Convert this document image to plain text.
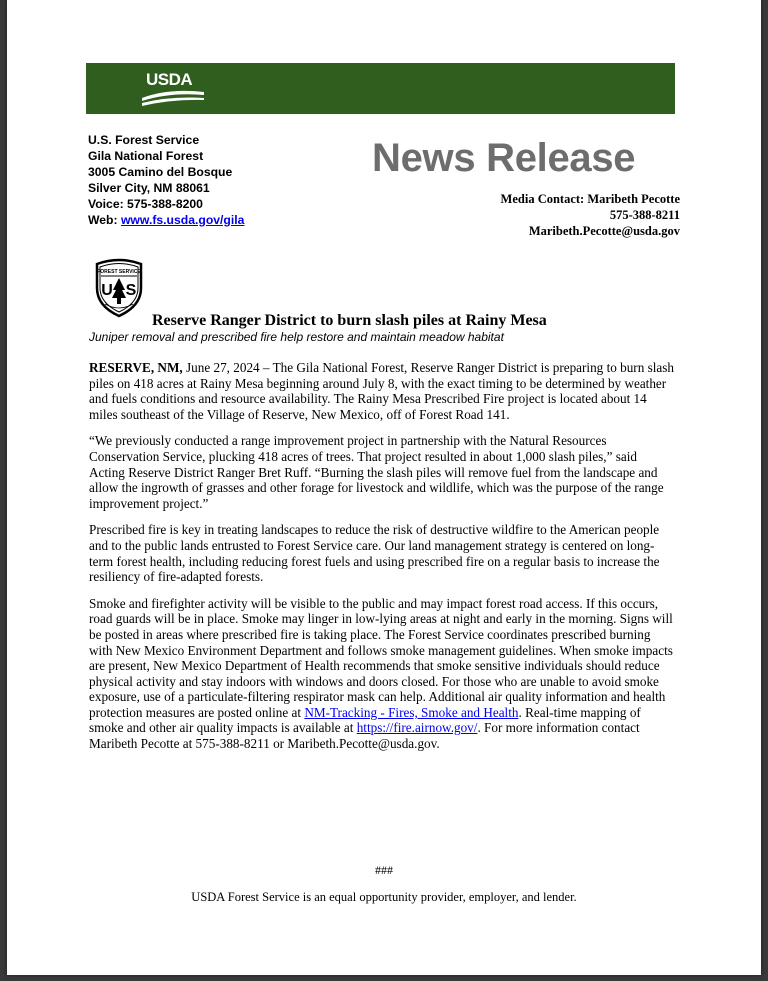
USDA
U.S. Forest Service
Gila National Forest
3005 Camino del Bosque
Silver City, NM 88061
Voice: 575-388-8200
Web: www.fs.usda.gov/gila
News Release
Media Contact: Maribeth Pecotte
575-388-8211
Maribeth.Pecotte@usda.gov
FOREST SERVICE
U S
Reserve Ranger District to burn slash piles at Rainy Mesa
Juniper removal and prescribed fire help restore and maintain meadow habitat

RESERVE, NM, June 27, 2024 – The Gila National Forest, Reserve Ranger District is preparing to burn slash piles on 418 acres at Rainy Mesa beginning around July 8, with the exact timing to be determined by weather and fuels conditions and resource availability. The Rainy Mesa Prescribed Fire project is located about 14 miles southeast of the Village of Reserve, New Mexico, off of Forest Road 141.

“We previously conducted a range improvement project in partnership with the Natural Resources Conservation Service, plucking 418 acres of trees. That project resulted in about 1,000 slash piles,” said Acting Reserve District Ranger Bret Ruff. “Burning the slash piles will remove fuel from the landscape and allow the ingrowth of grasses and other forage for livestock and wildlife, which was the purpose of the range improvement project.”

Prescribed fire is key in treating landscapes to reduce the risk of destructive wildfire to the American people and to the public lands entrusted to Forest Service care. Our land management strategy is centered on long-term forest health, including reducing forest fuels and using prescribed fire on a regular basis to increase the resiliency of fire-adapted forests.

Smoke and firefighter activity will be visible to the public and may impact forest road access. If this occurs, road guards will be in place. Smoke may linger in low-lying areas at night and early in the morning. Signs will be posted in areas where prescribed fire is taking place. The Forest Service coordinates prescribed burning with New Mexico Environment Department and follows smoke management guidelines. When smoke impacts are present, New Mexico Department of Health recommends that smoke sensitive individuals should reduce physical activity and stay indoors with windows and doors closed. For those who are unable to avoid smoke exposure, use of a particulate-filtering respirator mask can help. Additional air quality information and health protection measures are posted online at NM-Tracking - Fires, Smoke and Health. Real-time mapping of smoke and other air quality impacts is available at https://fire.airnow.gov/. For more information contact Maribeth Pecotte at 575-388-8211 or Maribeth.Pecotte@usda.gov.

###
USDA Forest Service is an equal opportunity provider, employer, and lender.
